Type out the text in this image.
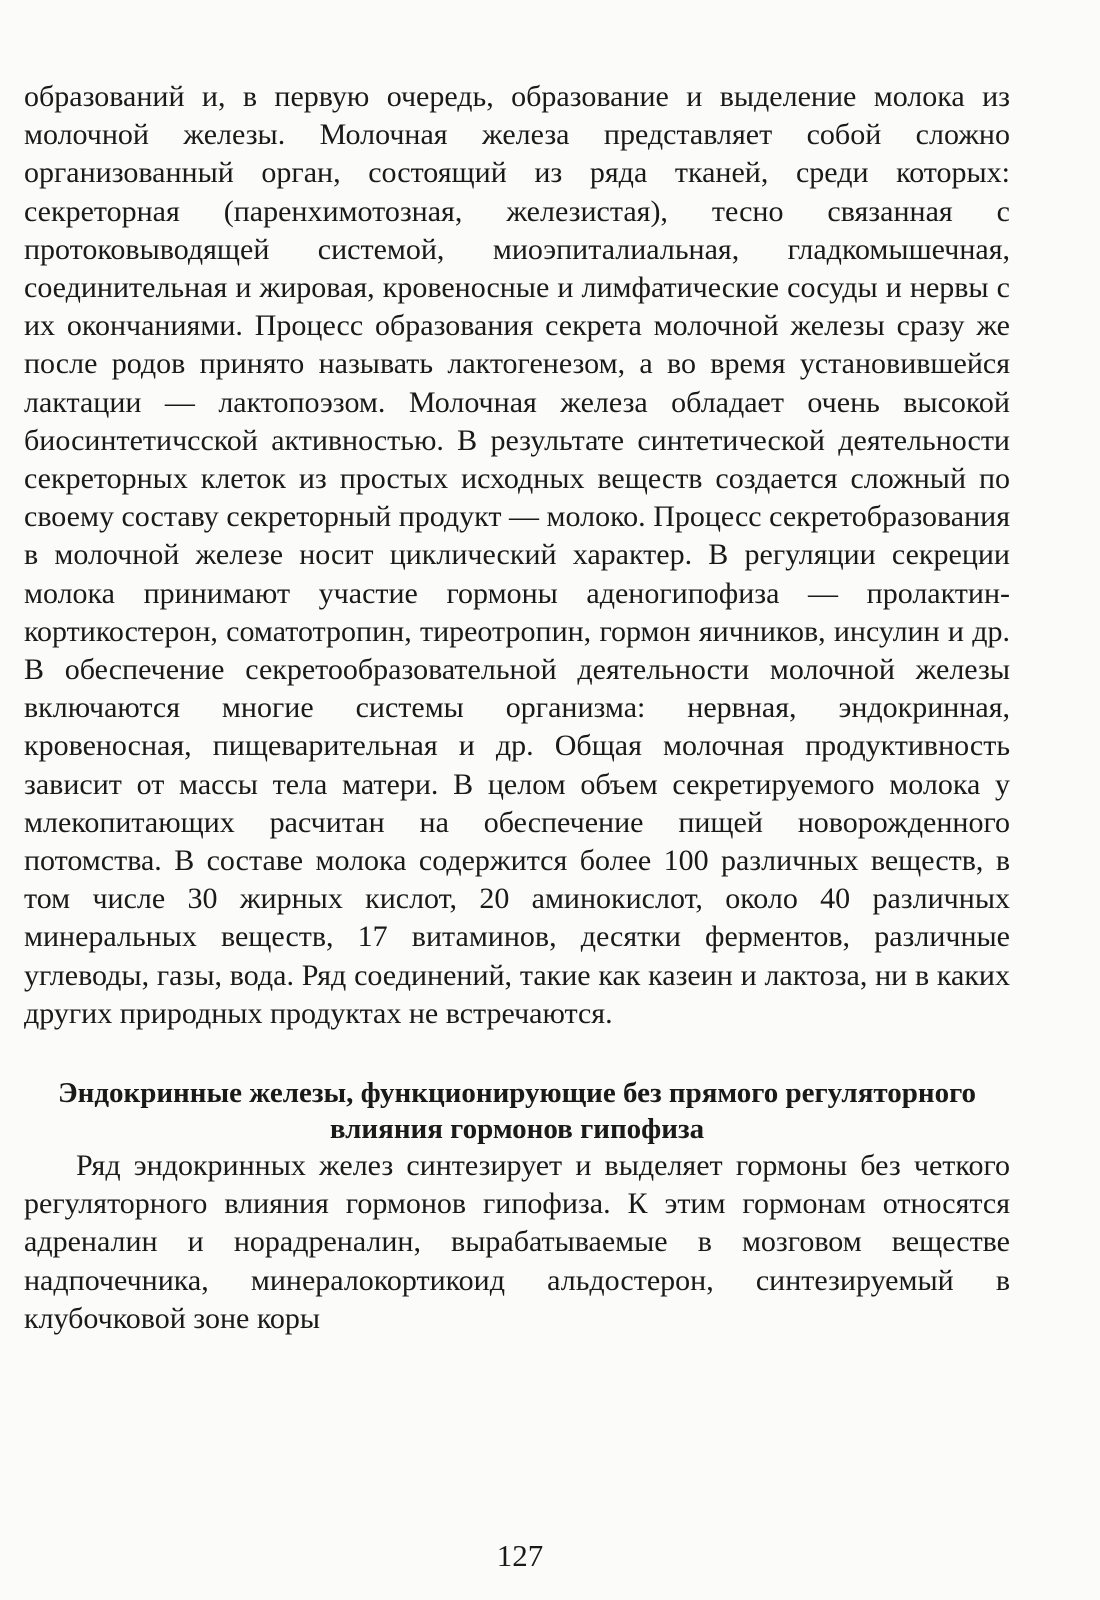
образований и, в первую очередь, образование и выделение молока из молочной железы. Молочная железа представляет собой сложно организованный орган, состоящий из ряда тканей, среди которых: секреторная (паренхимотозная, железистая), тесно связанная с протоковыводящей системой, миоэпиталиальная, гладкомышечная, соединительная и жировая, кровеносные и лимфатические сосуды и нервы с их окончаниями. Процесс образования секрета молочной железы сразу же после родов принято называть лактогенезом, а во время установившейся лактации — лактопоэзом. Молочная железа обладает очень высокой биосинтетичсской активностью. В результате синтетической деятельности секреторных клеток из простых исходных веществ создается сложный по своему составу секреторный продукт — молоко. Процесс секретобразования в молочной железе носит циклический характер. В регуляции секреции молока принимают участие гормоны аденогипофиза — пролактин-кортикостерон, соматотропин, тиреотропин, гормон яичников, инсулин и др. В обеспечение секретообразовательной деятельности молочной железы включаются многие системы организма: нервная, эндокринная, кровеносная, пищеварительная и др. Общая молочная продуктивность зависит от массы тела матери. В целом объем секретируемого молока у млекопитающих расчитан на обеспечение пищей новорожденного потомства. В составе молока содержится более 100 различных веществ, в том числе 30 жирных кислот, 20 аминокислот, около 40 различных минеральных веществ, 17 витаминов, десятки ферментов, различные углеводы, газы, вода. Ряд соединений, такие как казеин и лактоза, ни в каких других природных продуктах не встречаются.

Эндокринные железы, функционирующие без прямого регуляторного влияния гормонов гипофиза

Ряд эндокринных желез синтезирует и выделяет гормоны без четкого регуляторного влияния гормонов гипофиза. К этим гормонам относятся адреналин и норадреналин, вырабатываемые в мозговом веществе надпочечника, минералокортикоид альдостерон, синтезируемый в клубочковой зоне коры

127
